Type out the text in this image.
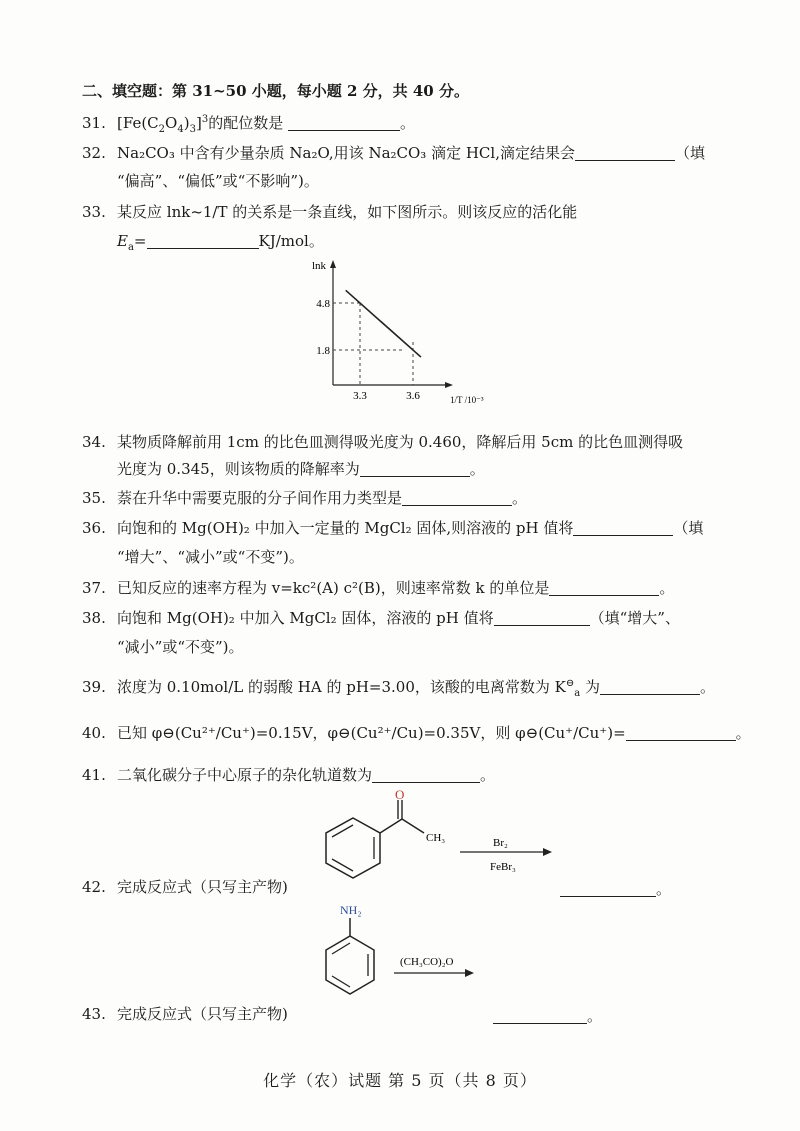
二、填空题：第 31~50 小题，每小题 2 分，共 40 分。
31. $[Fe(C_2O_4)_3]^3$的配位数是	。
32. Na₂CO₃ 中含有少量杂质 Na₂O,用该 Na₂CO₃ 滴定 HCl,滴定结果会	（填
“偏高”、“偏低”或“不影响”)。
33. 某反应 lnk~1/T 的关系是一条直线，如下图所示。则该反应的活化能
$E_a=$	KJ/mol。
lnk
3.3	3.6
4.8
1.8
1/T /10⁻³
34. 某物质降解前用 1cm 的比色皿测得吸光度为 0.460，降解后用 5cm 的比色皿测得吸
光度为 0.345，则该物质的降解率为	。
35. 萘在升华中需要克服的分子间作用力类型是	。
36. 向饱和的 Mg(OH)₂ 中加入一定量的 MgCl₂ 固体,则溶液的 pH 值将	（填
“增大”、“减小”或“不变”)。
37. 已知反应的速率方程为 v=kc²(A) c²(B)，则速率常数 k 的单位是	。
38. 向饱和 Mg(OH)₂ 中加入 MgCl₂ 固体，溶液的 pH 值将	（填“增大”、
“减小”或“不变”)。
39. 浓度为 0.10mol/L 的弱酸 HA 的 pH=3.00，该酸的电离常数为 $K^⊖_a$ 为	。
40. 已知 φ⊖(Cu²⁺/Cu⁺)=0.15V，φ⊖(Cu²⁺/Cu)=0.35V，则 φ⊖(Cu⁺/Cu⁺)=	。
41. 二氧化碳分子中心原子的杂化轨道数为	。
O
CH₃	Br₂
FeBr₃
42. 完成反应式（只写主产物)	。
NH₂
(CH₃CO)₂O
43. 完成反应式（只写主产物)	。
化学（农）试题 第 5 页（共 8 页）
